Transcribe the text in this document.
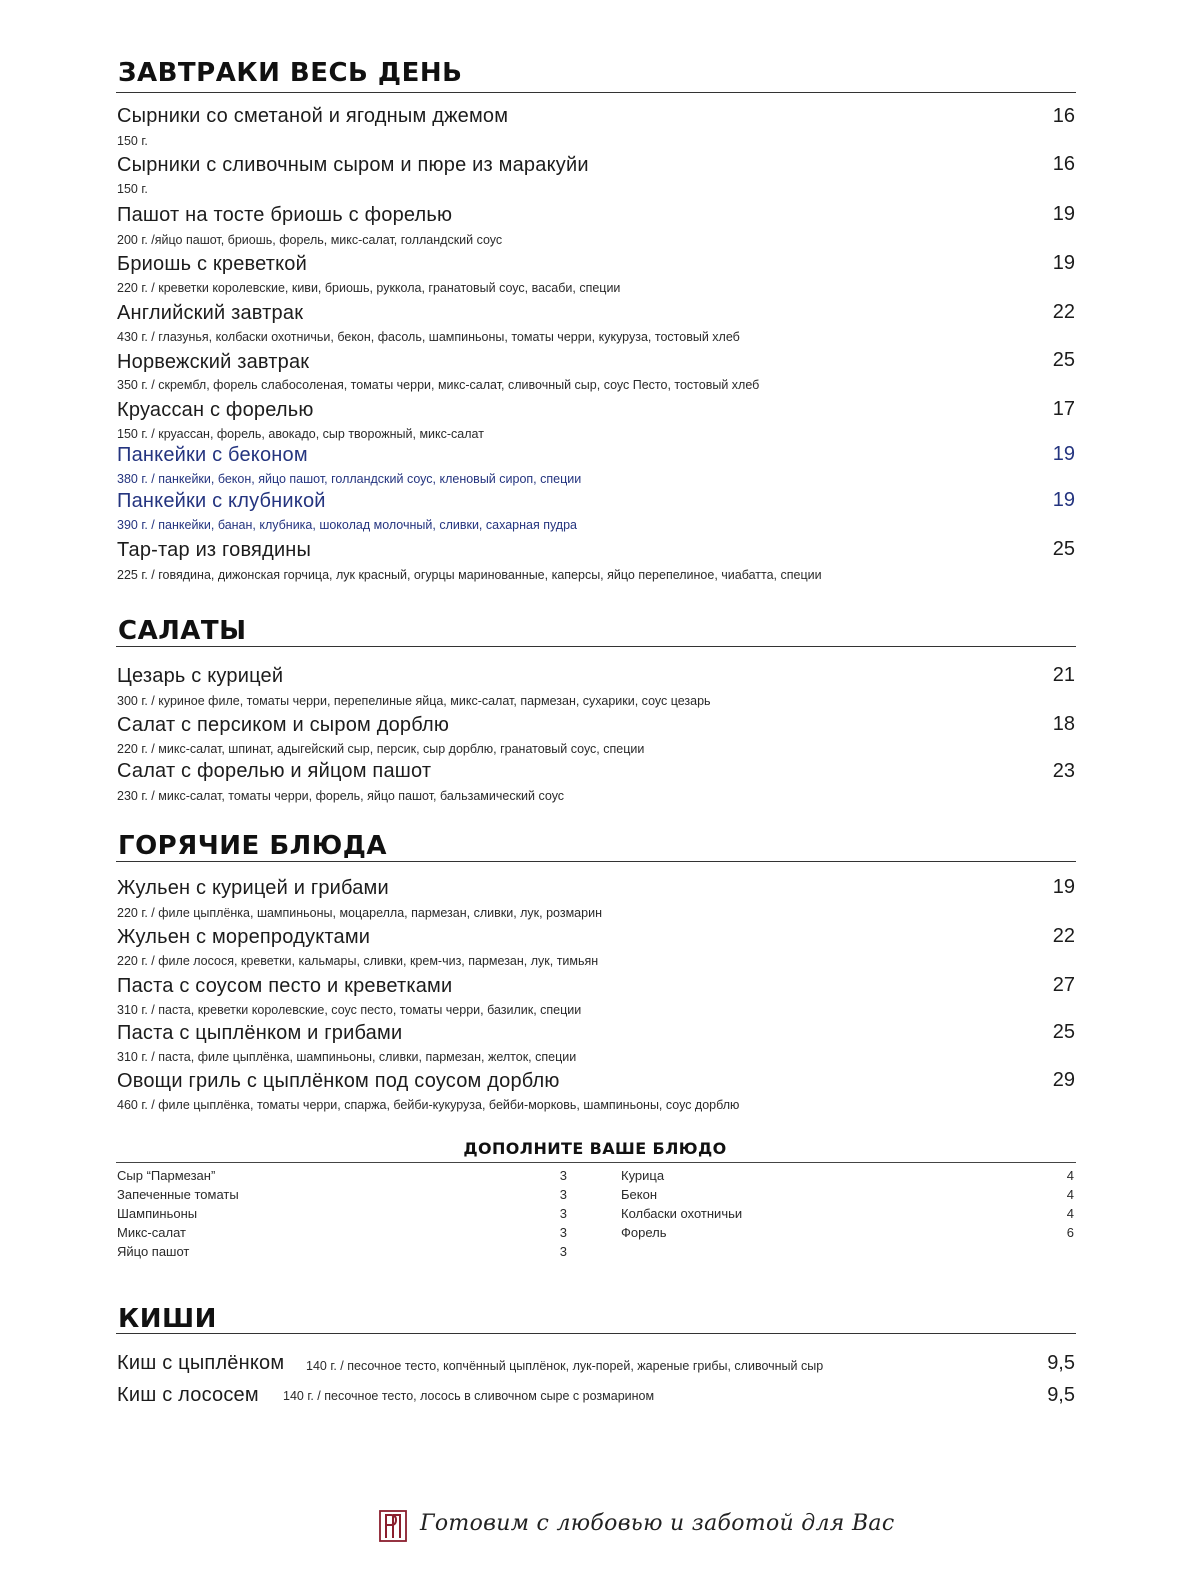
ЗАВТРАКИ ВЕСЬ ДЕНЬ
Сырники со сметаной и ягодным джемом	16
150 г.
Сырники с сливочным сыром и пюре из маракуйи	16
150 г.
Пашот на тосте бриошь с форелью	19
200 г. /яйцо пашот, бриошь, форель, микс-салат, голландский соус
Бриошь с креветкой	19
220 г. / креветки королевские, киви, бриошь, руккола, гранатовый соус, васаби, специи
Английский завтрак	22
430 г. / глазунья, колбаски охотничьи, бекон, фасоль, шампиньоны, томаты черри, кукуруза, тостовый хлеб
Норвежский завтрак	25
350 г. / скрембл, форель слабосоленая, томаты черри, микс-салат, сливочный сыр, соус Песто, тостовый хлеб
Круассан с форелью	17
150 г. / круассан, форель, авокадо, сыр творожный, микс-салат
Панкейки с беконом	19
380 г. / панкейки, бекон, яйцо пашот, голландский соус, кленовый сироп, специи
Панкейки с клубникой	19
390 г. / панкейки, банан, клубника, шоколад молочный, сливки, сахарная пудра
Тар-тар из говядины	25
225 г. / говядина, дижонская горчица, лук красный, огурцы маринованные, каперсы, яйцо перепелиное, чиабатта, специи
САЛАТЫ
Цезарь с курицей	21
300 г. / куриное филе, томаты черри, перепелиные яйца, микс-салат, пармезан, сухарики, соус цезарь
Салат с персиком и сыром дорблю	18
220 г. / микс-салат, шпинат, адыгейский сыр, персик, сыр дорблю, гранатовый соус, специи
Салат с форелью и яйцом пашот	23
230 г. / микс-салат, томаты черри, форель, яйцо пашот, бальзамический соус
ГОРЯЧИЕ БЛЮДА
Жульен с курицей и грибами	19
220 г. / филе цыплёнка, шампиньоны, моцарелла, пармезан, сливки, лук, розмарин
Жульен с морепродуктами	22
220 г. / филе лосося, креветки, кальмары, сливки, крем-чиз, пармезан, лук, тимьян
Паста с соусом песто и креветками	27
310 г. / паста, креветки королевские, соус песто, томаты черри, базилик, специи
Паста с цыплёнком и грибами	25
310 г. / паста, филе цыплёнка, шампиньоны, сливки, пармезан, желток, специи
Овощи гриль с цыплёнком под соусом дорблю	29
460 г. / филе цыплёнка, томаты черри, спаржа, бейби-кукуруза, бейби-морковь, шампиньоны, соус дорблю
ДОПОЛНИТЕ ВАШЕ БЛЮДО
Сыр “Пармезан”	3
Запеченные томаты	3
Шампиньоны	3
Микс-салат	3
Яйцо пашот	3
Курица	4
Бекон	4
Колбаски охотничьи	4
Форель	6
КИШИ
Киш с цыплёнком 140 г. / песочное тесто, копчённый цыплёнок, лук-порей, жареные грибы, сливочный сыр	9,5
Киш с лососем 140 г. / песочное тесто, лосось в сливочном сыре с розмарином	9,5
Готовим с любовью и заботой для Вас
